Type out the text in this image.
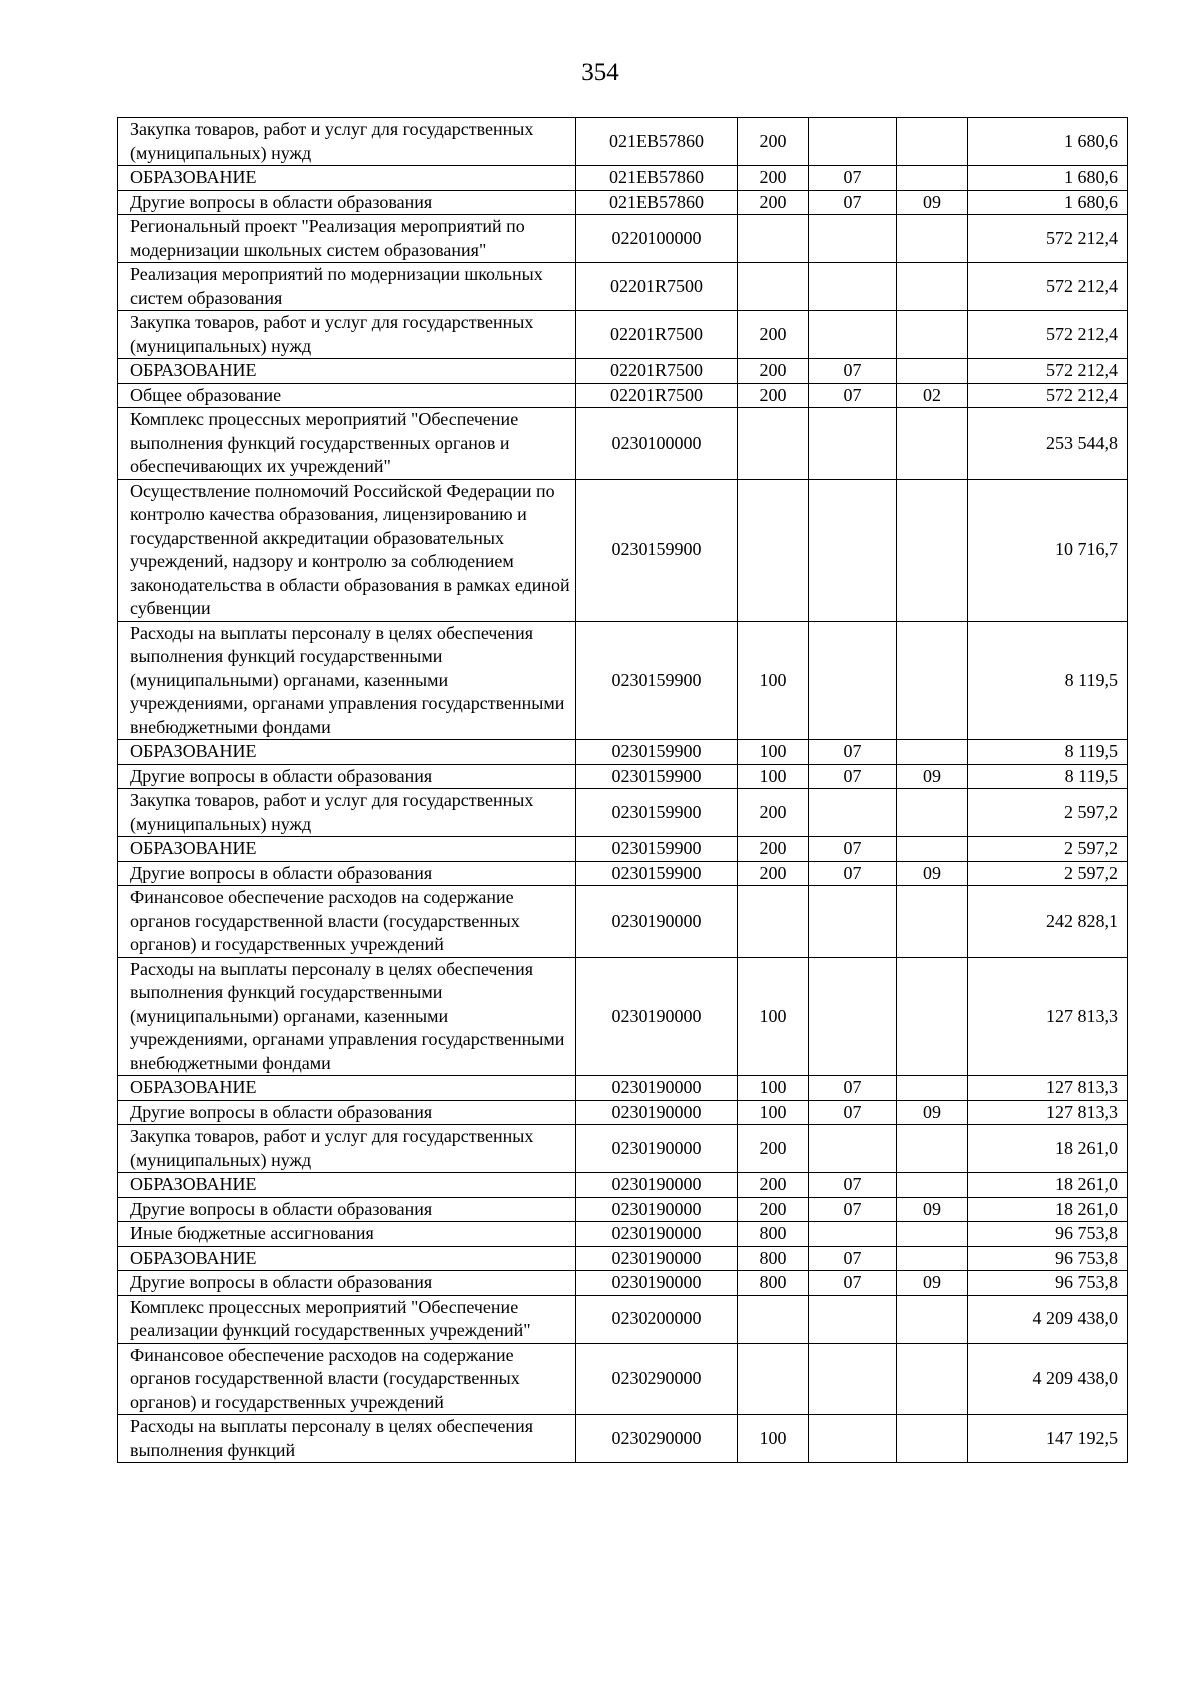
354
Закупка товаров, работ и услуг для государственных (муниципальных) нужд	021EB57860	200			1 680,6
ОБРАЗОВАНИЕ	021EB57860	200	07		1 680,6
Другие вопросы в области образования	021EB57860	200	07	09	1 680,6
Региональный проект "Реализация мероприятий по модернизации школьных систем образования"	0220100000				572 212,4
Реализация мероприятий по модернизации школьных систем образования	02201R7500				572 212,4
Закупка товаров, работ и услуг для государственных (муниципальных) нужд	02201R7500	200			572 212,4
ОБРАЗОВАНИЕ	02201R7500	200	07		572 212,4
Общее образование	02201R7500	200	07	02	572 212,4
Комплекс процессных мероприятий "Обеспечение выполнения функций государственных органов и обеспечивающих их учреждений"	0230100000				253 544,8
Осуществление полномочий Российской Федерации по контролю качества образования, лицензированию и государственной аккредитации образовательных учреждений, надзору и контролю за соблюдением законодательства в области образования в рамках единой субвенции	0230159900				10 716,7
Расходы на выплаты персоналу в целях обеспечения выполнения функций государственными (муниципальными) органами, казенными учреждениями, органами управления государственными внебюджетными фондами	0230159900	100			8 119,5
ОБРАЗОВАНИЕ	0230159900	100	07		8 119,5
Другие вопросы в области образования	0230159900	100	07	09	8 119,5
Закупка товаров, работ и услуг для государственных (муниципальных) нужд	0230159900	200			2 597,2
ОБРАЗОВАНИЕ	0230159900	200	07		2 597,2
Другие вопросы в области образования	0230159900	200	07	09	2 597,2
Финансовое обеспечение расходов на содержание органов государственной власти (государственных органов) и государственных учреждений	0230190000				242 828,1
Расходы на выплаты персоналу в целях обеспечения выполнения функций государственными (муниципальными) органами, казенными учреждениями, органами управления государственными внебюджетными фондами	0230190000	100			127 813,3
ОБРАЗОВАНИЕ	0230190000	100	07		127 813,3
Другие вопросы в области образования	0230190000	100	07	09	127 813,3
Закупка товаров, работ и услуг для государственных (муниципальных) нужд	0230190000	200			18 261,0
ОБРАЗОВАНИЕ	0230190000	200	07		18 261,0
Другие вопросы в области образования	0230190000	200	07	09	18 261,0
Иные бюджетные ассигнования	0230190000	800			96 753,8
ОБРАЗОВАНИЕ	0230190000	800	07		96 753,8
Другие вопросы в области образования	0230190000	800	07	09	96 753,8
Комплекс процессных мероприятий "Обеспечение реализации функций государственных учреждений"	0230200000				4 209 438,0
Финансовое обеспечение расходов на содержание органов государственной власти (государственных органов) и государственных учреждений	0230290000				4 209 438,0
Расходы на выплаты персоналу в целях обеспечения выполнения функций	0230290000	100			147 192,5
